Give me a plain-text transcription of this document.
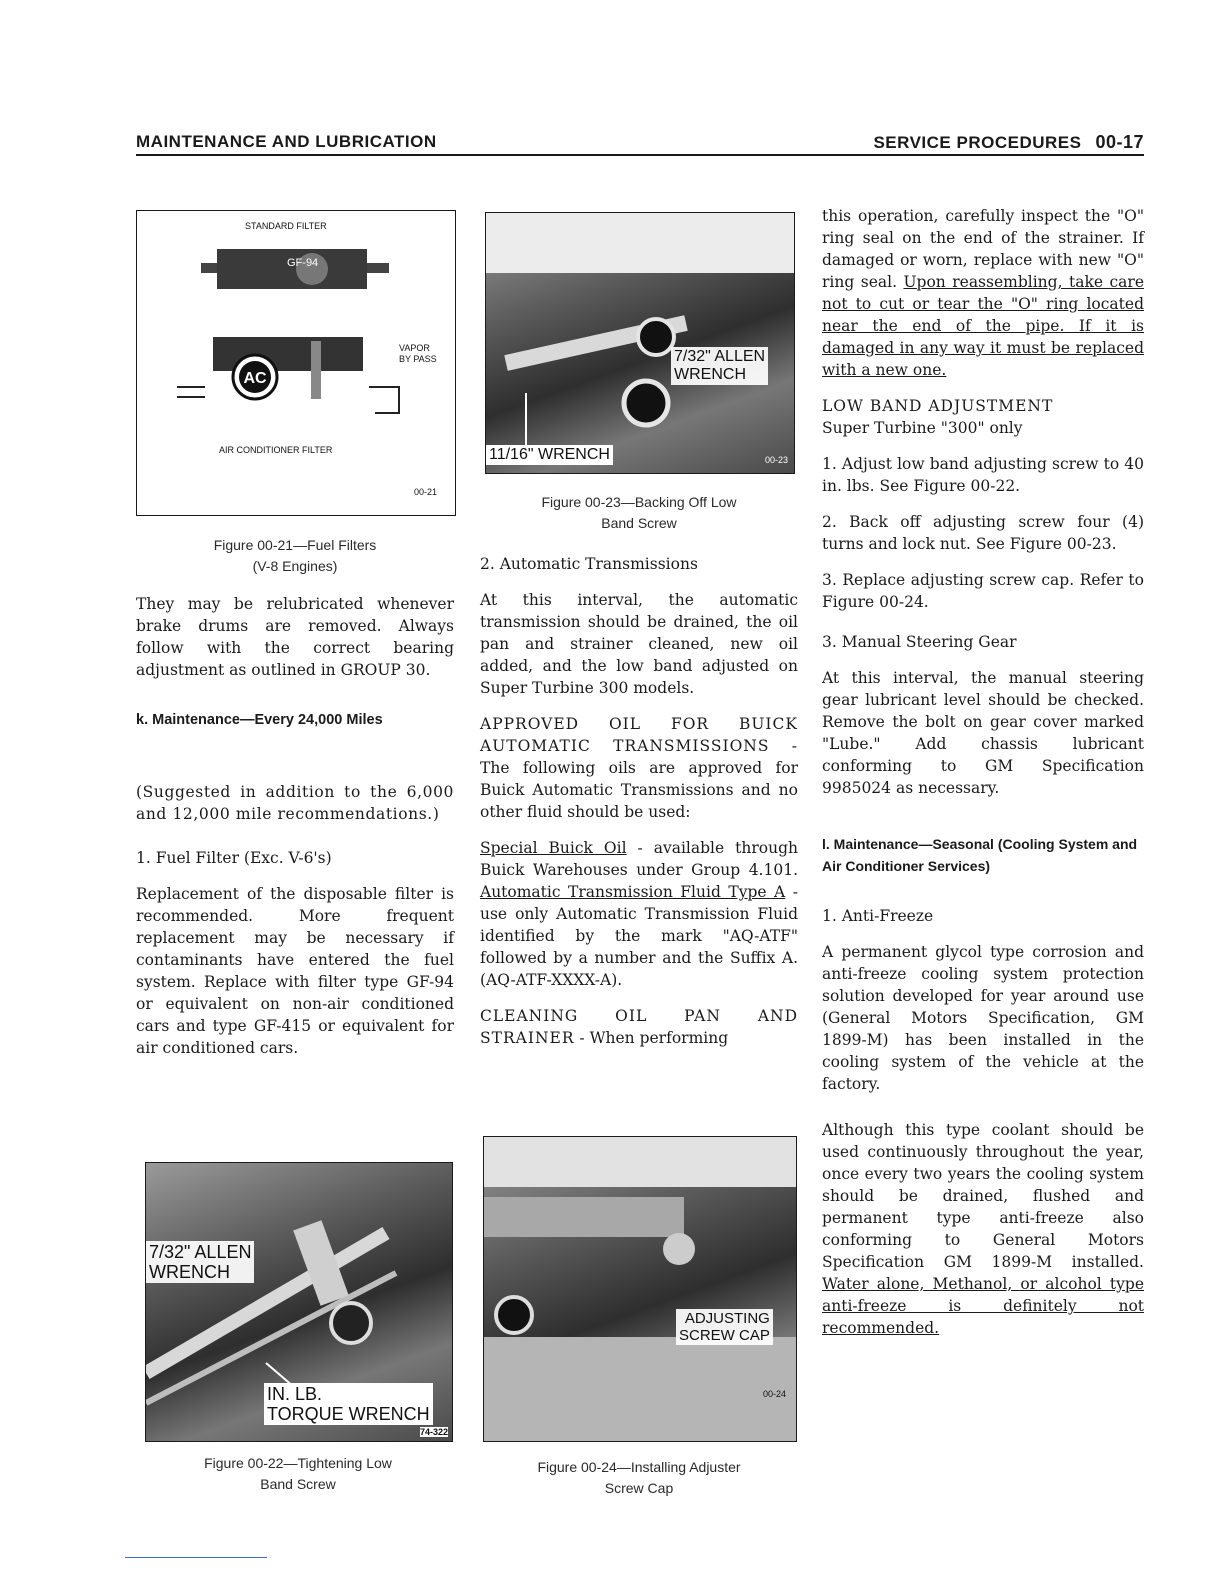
MAINTENANCE AND LUBRICATION	SERVICE PROCEDURES 00-17
STANDARD FILTER
AC
GF-94
VAPOR
BY PASS
AIR CONDITIONER FILTER
00-21
Figure 00-21—Fuel Filters
(V-8 Engines)

They may be relubricated whenever brake drums are removed. Always follow with the correct bearing adjustment as outlined in GROUP 30.

k. Maintenance—Every 24,000 Miles

(Suggested in addition to the 6,000 and 12,000 mile recommendations.)

1. Fuel Filter (Exc. V-6's)

Replacement of the disposable filter is recommended. More frequent replacement may be necessary if contaminants have entered the fuel system. Replace with filter type GF-94 or equivalent on non-air conditioned cars and type GF-415 or equivalent for air conditioned cars.

7/32" ALLEN
WRENCH
IN. LB.
TORQUE WRENCH
74-322
Figure 00-22—Tightening Low
Band Screw
7/32" ALLEN
WRENCH
11/16" WRENCH	00-23
Figure 00-23—Backing Off Low
Band Screw

2. Automatic Transmissions

At this interval, the automatic transmission should be drained, the oil pan and strainer cleaned, new oil added, and the low band adjusted on Super Turbine 300 models.

APPROVED OIL FOR BUICK AUTOMATIC TRANSMISSIONS - The following oils are approved for Buick Automatic Transmissions and no other fluid should be used:

Special Buick Oil - available through Buick Warehouses under Group 4.101. Automatic Transmission Fluid Type A - use only Automatic Transmission Fluid identified by the mark "AQ-ATF" followed by a number and the Suffix A. (AQ-ATF-XXXX-A).

CLEANING OIL PAN AND STRAINER - When performing

ADJUSTING
SCREW CAP
00-24
Figure 00-24—Installing Adjuster
Screw Cap

this operation, carefully inspect the "O" ring seal on the end of the strainer. If damaged or worn, replace with new "O" ring seal. Upon reassembling, take care not to cut or tear the "O" ring located near the end of the pipe. If it is damaged in any way it must be replaced with a new one.

LOW BAND ADJUSTMENT

Super Turbine "300" only

1. Adjust low band adjusting screw to 40 in. lbs. See Figure 00-22.

2. Back off adjusting screw four (4) turns and lock nut. See Figure 00-23.

3. Replace adjusting screw cap. Refer to Figure 00-24.

3. Manual Steering Gear

At this interval, the manual steering gear lubricant level should be checked. Remove the bolt on gear cover marked "Lube." Add chassis lubricant conforming to GM Specification 9985024 as necessary.

l. Maintenance—Seasonal (Cooling System and Air Conditioner Services)

1. Anti-Freeze

A permanent glycol type corrosion and anti-freeze cooling system protection solution developed for year around use (General Motors Specification, GM 1899-M) has been installed in the cooling system of the vehicle at the factory.

Although this type coolant should be used continuously throughout the year, once every two years the cooling system should be drained, flushed and permanent type anti-freeze also conforming to General Motors Specification GM 1899-M installed. Water alone, Methanol, or alcohol type anti-freeze is definitely not recommended.
